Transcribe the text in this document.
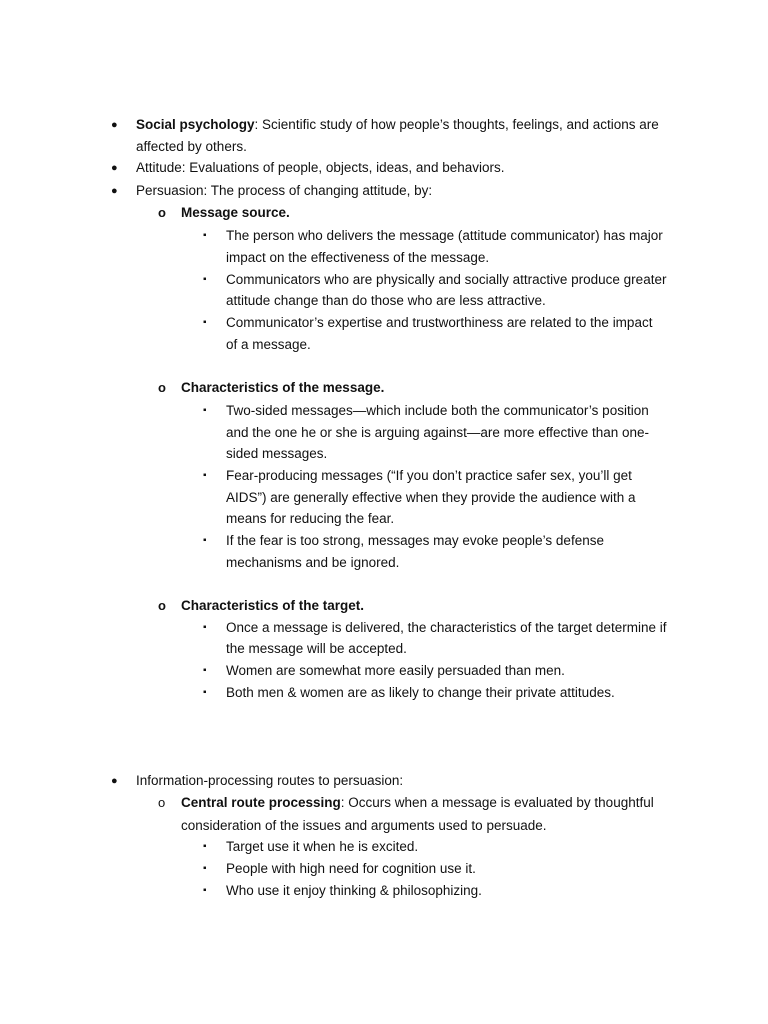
● Social psychology: Scientific study of how people’s thoughts, feelings, and actions are
affected by others.
● Attitude: Evaluations of people, objects, ideas, and behaviors.
● Persuasion: The process of changing attitude, by:
o Message source.
▪ The person who delivers the message (attitude communicator) has major
impact on the effectiveness of the message.
▪ Communicators who are physically and socially attractive produce greater
attitude change than do those who are less attractive.
▪ Communicator’s expertise and trustworthiness are related to the impact
of a message.
o Characteristics of the message.
▪ Two-sided messages—which include both the communicator’s position
and the one he or she is arguing against—are more effective than one-
sided messages.
▪ Fear-producing messages (“If you don’t practice safer sex, you’ll get
AIDS”) are generally effective when they provide the audience with a
means for reducing the fear.
▪ If the fear is too strong, messages may evoke people’s defense
mechanisms and be ignored.
o Characteristics of the target.
▪ Once a message is delivered, the characteristics of the target determine if
the message will be accepted.
▪ Women are somewhat more easily persuaded than men.
▪ Both men & women are as likely to change their private attitudes.
● Information-processing routes to persuasion:
o Central route processing: Occurs when a message is evaluated by thoughtful
consideration of the issues and arguments used to persuade.
▪ Target use it when he is excited.
▪ People with high need for cognition use it.
▪ Who use it enjoy thinking & philosophizing.
